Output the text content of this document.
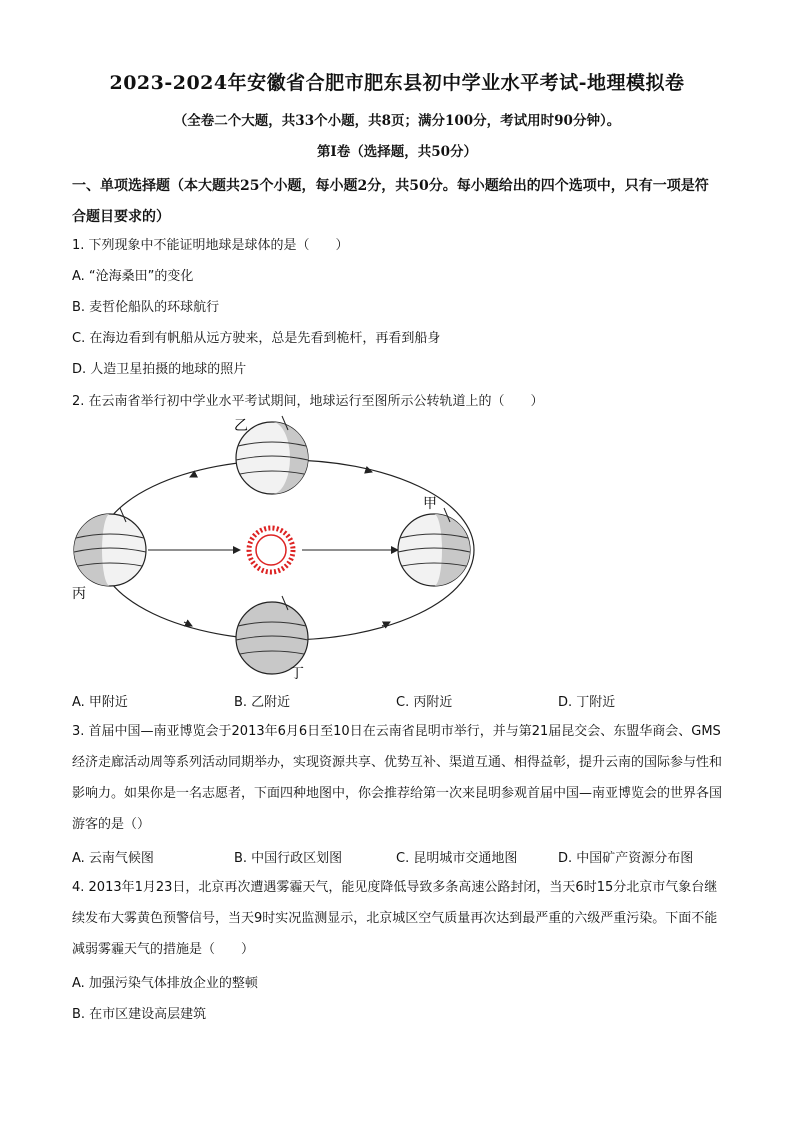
2023-2024年安徽省合肥市肥东县初中学业水平考试-地理模拟卷
（全卷二个大题，共33个小题，共8页；满分100分，考试用时90分钟）。
第Ⅰ卷（选择题，共50分）
一、单项选择题（本大题共25个小题，每小题2分，共50分。每小题给出的四个选项中，只有一项是符合题目要求的）
1. 下列现象中不能证明地球是球体的是（　　）
A. “沧海桑田”的变化
B. 麦哲伦船队的环球航行
C. 在海边看到有帆船从远方驶来，总是先看到桅杆，再看到船身
D. 人造卫星拍摄的地球的照片
2. 在云南省举行初中学业水平考试期间，地球运行至图所示公转轨道上的（　　）
乙
甲
丙
丁
A. 甲附近	B. 乙附近	C. 丙附近	D. 丁附近
3. 首届中国—南亚博览会于2013年6月6日至10日在云南省昆明市举行，并与第21届昆交会、东盟华商会、GMS经济走廊活动周等系列活动同期举办，实现资源共享、优势互补、渠道互通、相得益彰，提升云南的国际参与性和影响力。如果你是一名志愿者，下面四种地图中，你会推荐给第一次来昆明参观首届中国—南亚博览会的世界各国游客的是（）
A. 云南气候图	B. 中国行政区划图	C. 昆明城市交通地图	D. 中国矿产资源分布图
4. 2013年1月23日，北京再次遭遇雾霾天气，能见度降低导致多条高速公路封闭，当天6时15分北京市气象台继续发布大雾黄色预警信号，当天9时实况监测显示，北京城区空气质量再次达到最严重的六级严重污染。下面不能减弱雾霾天气的措施是（　　）
A. 加强污染气体排放企业的整顿
B. 在市区建设高层建筑
